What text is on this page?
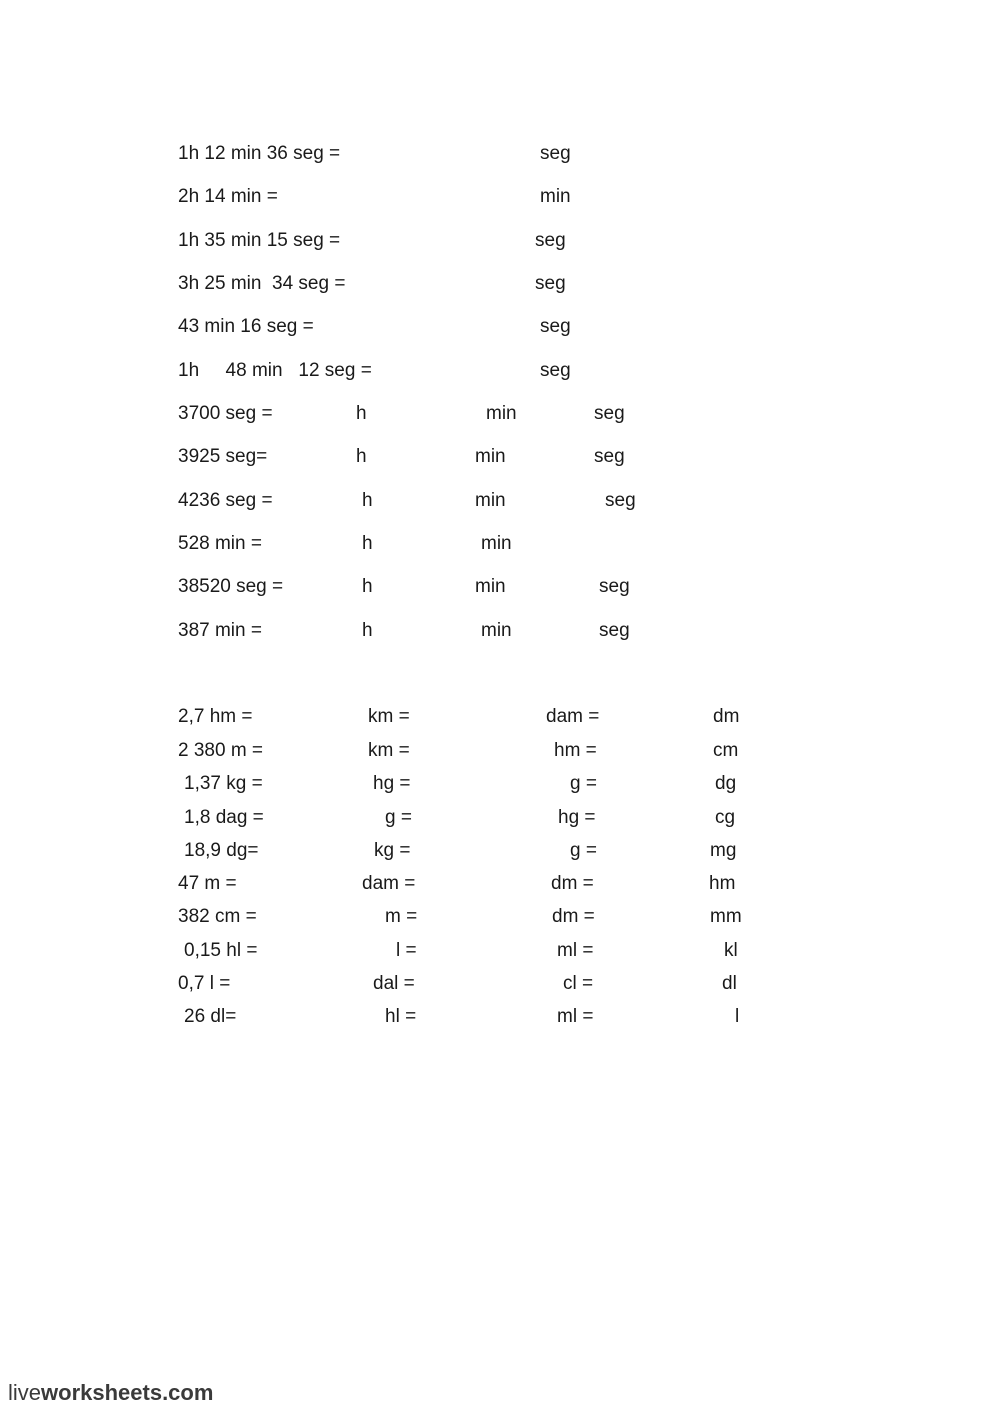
1h 12 min 36 seg =	seg
2h 14 min =	min
1h 35 min 15 seg =	seg
3h 25 min  34 seg =	seg
43 min 16 seg =	seg
1h     48 min   12 seg =	seg
3700 seg =	h	min	seg
3925 seg=	h	min	seg
4236 seg =	h	min	seg
528 min =	h	min
38520 seg =	h	min	seg
387 min =	h	min	seg
2,7 hm =	km =	dam =	dm
2 380 m =	km =	hm =	cm
1,37 kg =	hg =	g =	dg
1,8 dag =	g =	hg =	cg
18,9 dg=	kg =	g =	mg
47 m =	dam =	dm =	hm
382 cm =	m =	dm =	mm
0,15 hl =	l =	ml =	kl
0,7 l =	dal =	cl =	dl
26 dl=	hl =	ml =	l
liveworksheets.com
